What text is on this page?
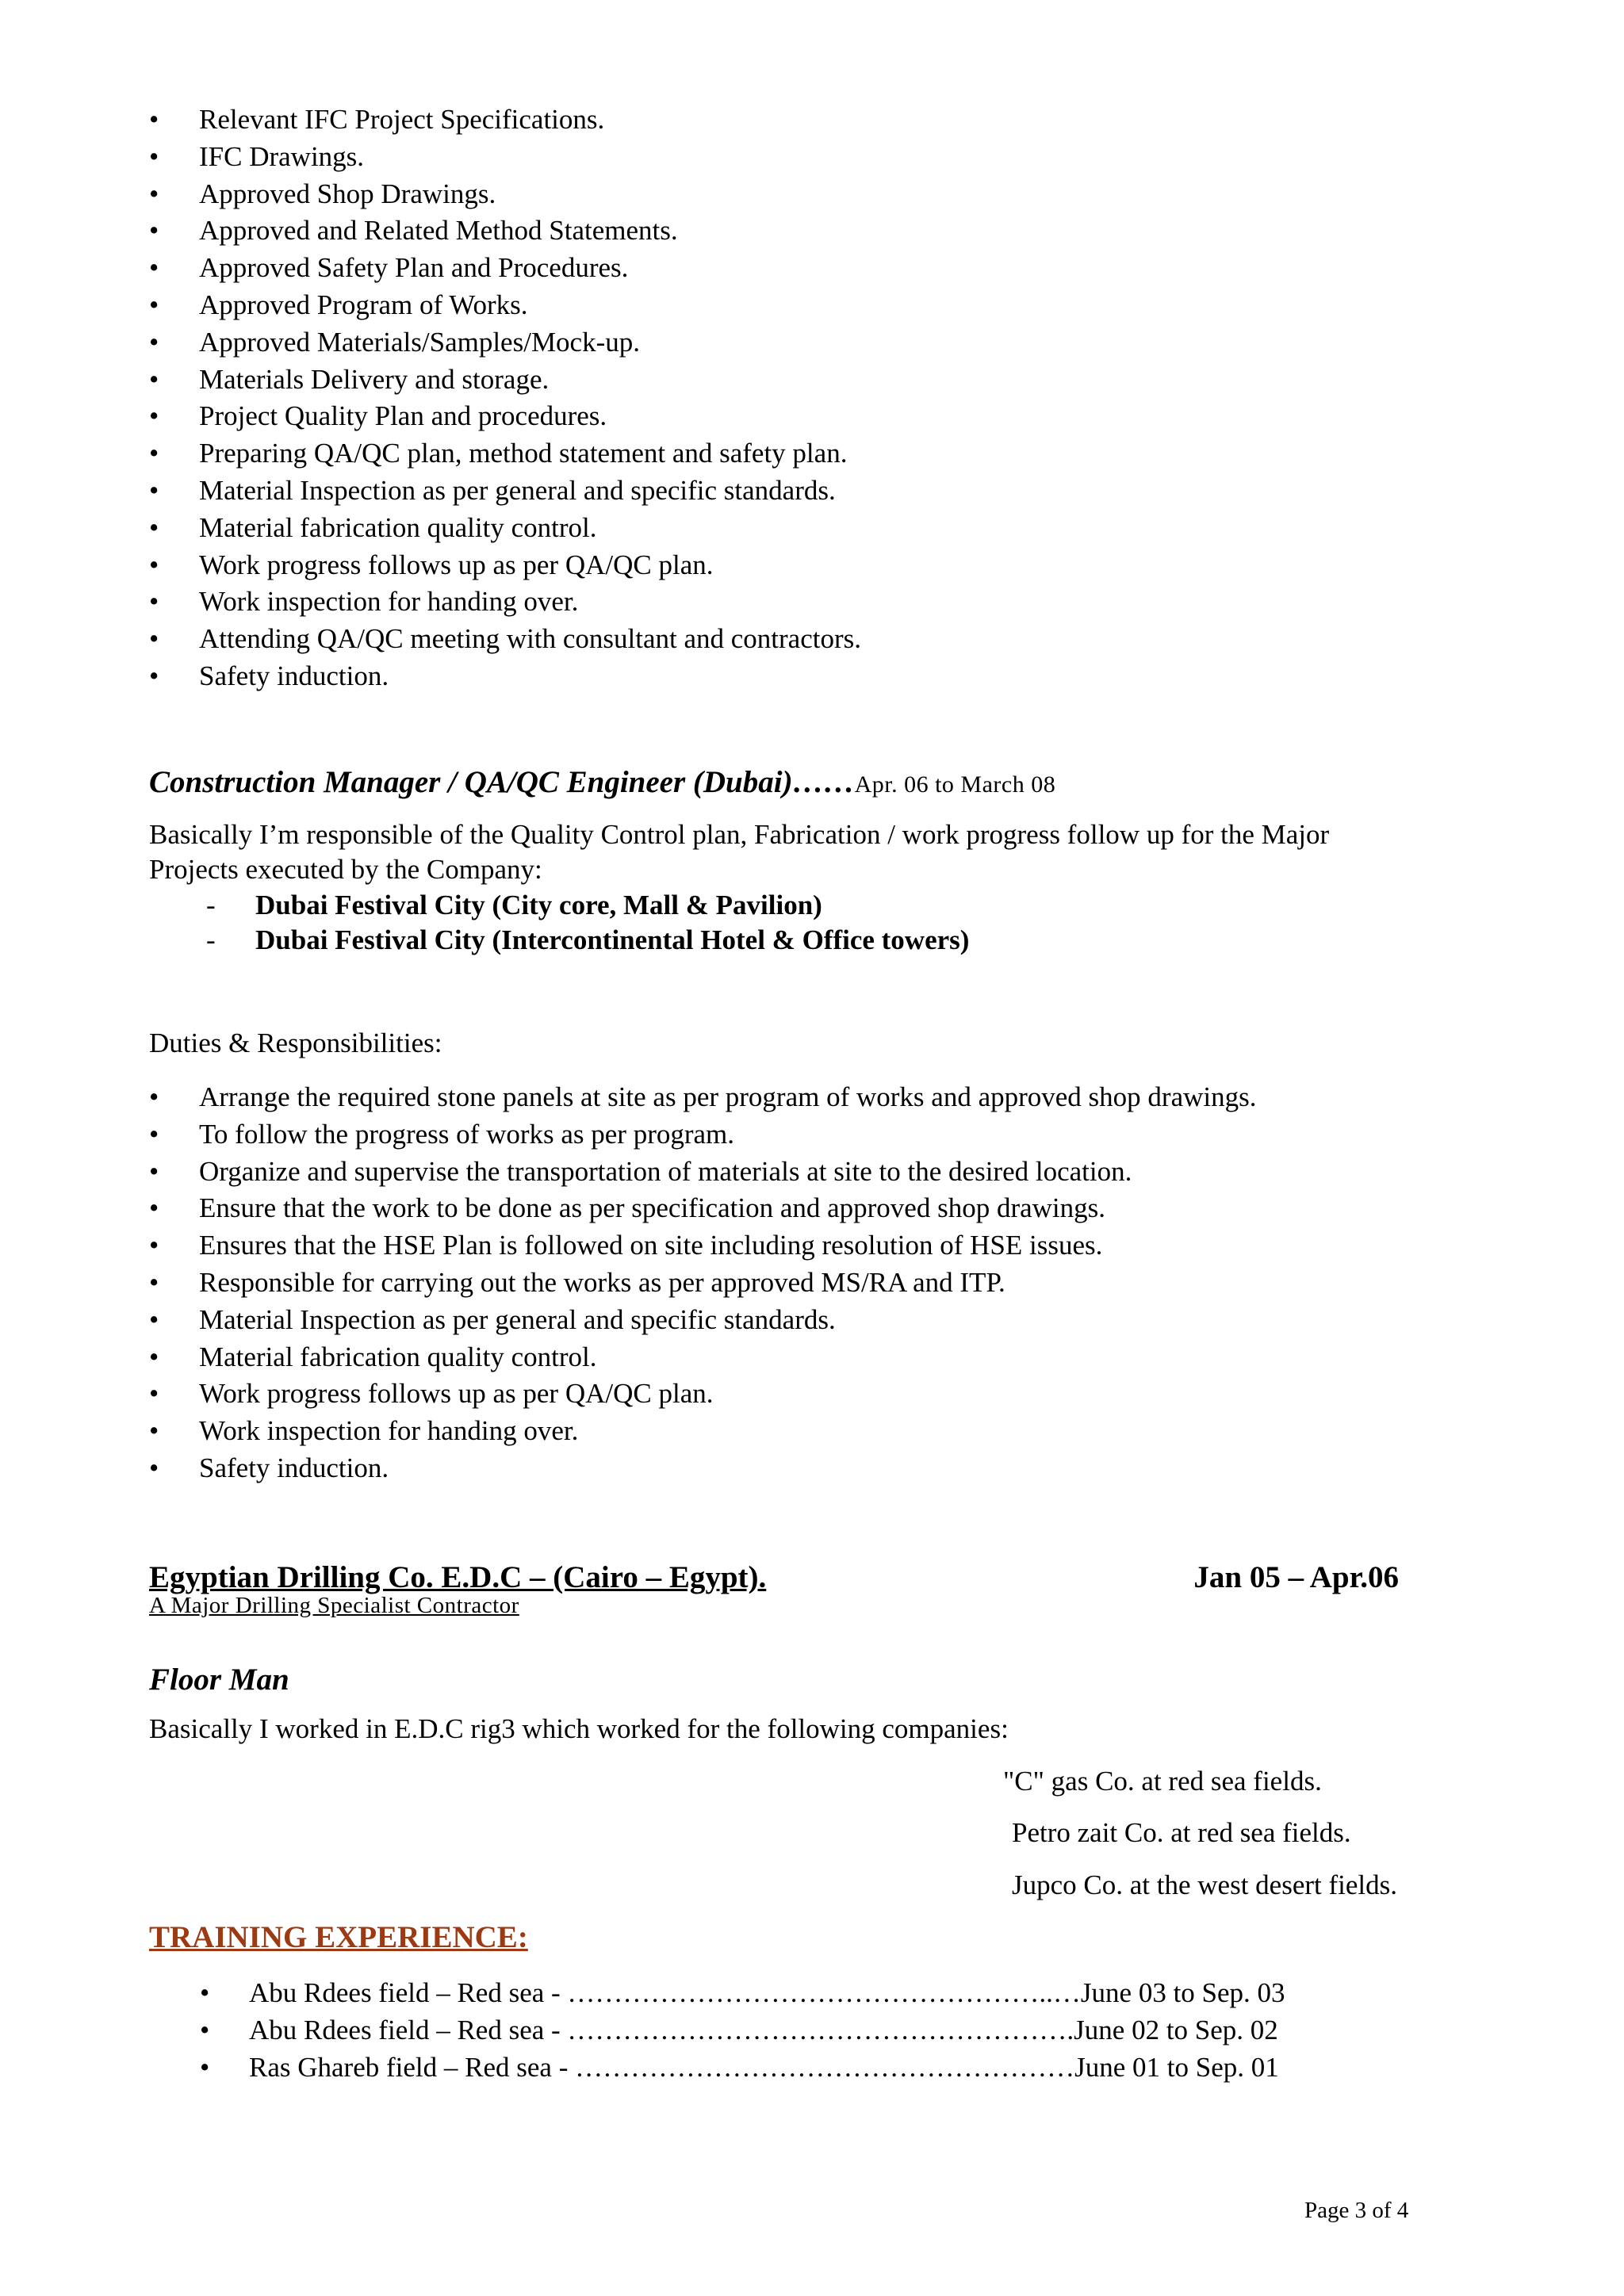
• Relevant IFC Project Specifications.
• IFC Drawings.
• Approved Shop Drawings.
• Approved and Related Method Statements.
• Approved Safety Plan and Procedures.
• Approved Program of Works.
• Approved Materials/Samples/Mock-up.
• Materials Delivery and storage.
• Project Quality Plan and procedures.
• Preparing QA/QC plan, method statement and safety plan.
• Material Inspection as per general and specific standards.
• Material fabrication quality control.
• Work progress follows up as per QA/QC plan.
• Work inspection for handing over.
• Attending QA/QC meeting with consultant and contractors.
• Safety induction.
Construction Manager / QA/QC Engineer (Dubai)……Apr. 06 to March 08
Basically I’m responsible of the Quality Control plan, Fabrication / work progress follow up for the Major
Projects executed by the Company:
- Dubai Festival City (City core, Mall & Pavilion)
- Dubai Festival City (Intercontinental Hotel & Office towers)
Duties & Responsibilities:
• Arrange the required stone panels at site as per program of works and approved shop drawings.
• To follow the progress of works as per program.
• Organize and supervise the transportation of materials at site to the desired location.
• Ensure that the work to be done as per specification and approved shop drawings.
• Ensures that the HSE Plan is followed on site including resolution of HSE issues.
• Responsible for carrying out the works as per approved MS/RA and ITP.
• Material Inspection as per general and specific standards.
• Material fabrication quality control.
• Work progress follows up as per QA/QC plan.
• Work inspection for handing over.
• Safety induction.
Egyptian Drilling Co. E.D.C – (Cairo – Egypt).	Jan 05 – Apr.06
A Major Drilling Specialist Contractor
Floor Man
Basically I worked in E.D.C rig3 which worked for the following companies:
"C" gas Co. at red sea fields.
Petro zait Co. at red sea fields.
Jupco Co. at the west desert fields.
TRAINING EXPERIENCE:
• Abu Rdees field – Red sea - ……………………………………………..…June 03 to Sep. 03
• Abu Rdees field – Red sea - ……………………………………………….June 02 to Sep. 02
• Ras Ghareb field – Red sea - ………………………………………………June 01 to Sep. 01
Page 3 of 4
